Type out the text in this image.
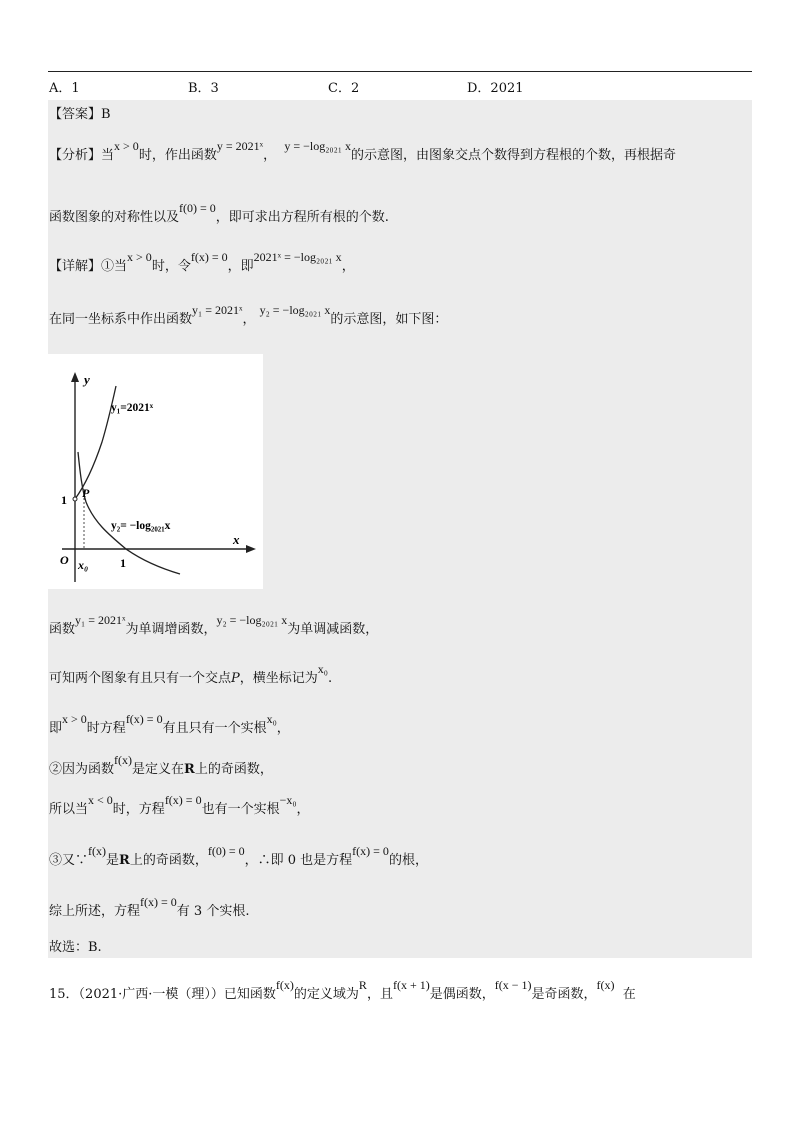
A．1	B．3	C．2	D．2021
【答案】B
【分析】当x > 0时，作出函数y = 2021ˣ，  y = −log₂₀₂₁ x的示意图，由图象交点个数得到方程根的个数，再根据奇
函数图象的对称性以及f(0) = 0，即可求出方程所有根的个数.
【详解】①当x > 0时，令f(x) = 0，即2021ˣ = −log₂₀₂₁ x，
在同一坐标系中作出函数y₁ = 2021ˣ， y₂ = −log₂₀₂₁ x的示意图，如下图：
y
x
O x₀	1
1 P
y₁=2021ˣ
y₂= −log₂₀₂₁x
函数y₁ = 2021ˣ为单调增函数，y₂ = −log₂₀₂₁ x为单调减函数，
可知两个图象有且只有一个交点P，横坐标记为x₀.
即x > 0时方程f(x) = 0有且只有一个实根x₀，
②因为函数f(x)是定义在R上的奇函数，
所以当x < 0时，方程f(x) = 0也有一个实根−x₀，
③又∵f(x)是R上的奇函数，f(0) = 0，∴即 0 也是方程f(x) = 0的根，
综上所述，方程f(x) = 0有 3 个实根.
故选：B.
15．（2021·广西·一模（理））已知函数f(x)的定义域为R，且f(x + 1)是偶函数，f(x − 1)是奇函数，f(x)  在
